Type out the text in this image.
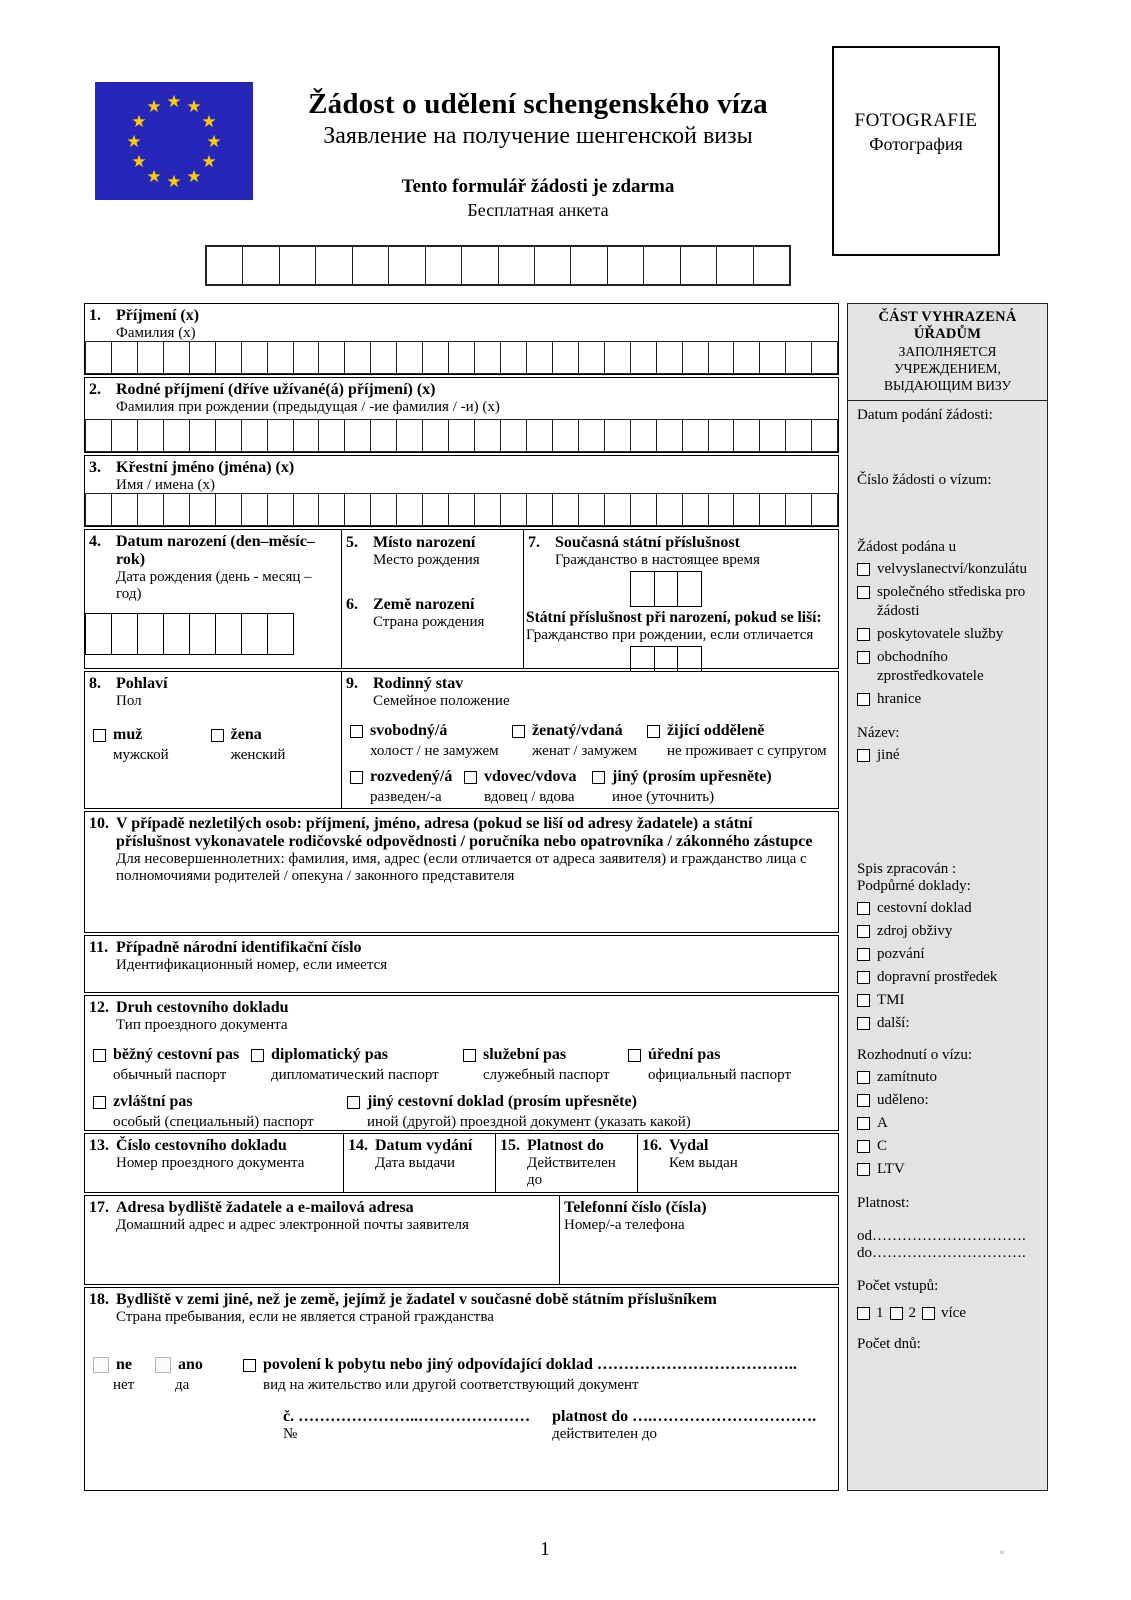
★ ★
★
★
★
★
★
★
★
★
★
★	Žádost o udělení schengenského víza
Заявление на получение шенгенской визы
Tento formulář žádosti je zdarma
Бесплатная анкета
FOTOGRAFIE
Фотография
1. Příjmení (x)
Фамилия (x)
2. Rodné příjmení (dříve užívané(á) příjmení) (x)
Фамилия при рождении (предыдущая / -ие фамилия / -и) (x)
3. Křestní jméno (jména) (x)
Имя / имена (x)
4. Datum narození (den–měsíc–rok)
Дата рождения (день - месяц – год)
5. Místo narození
Место рождения
6. Země narození
Страна рождения
7. Současná státní příslušnost
Гражданство в настоящее время
Státní příslušnost při narození, pokud se liší:
Гражданство при рождении, если отличается
8. Pohlaví
Пол
muž
мужской
žena
женский
9. Rodinný stav
Семейное положение
svobodný/á
холост / не замужем
ženatý/vdaná
женат / замужем
žijící odděleně
не проживает с супругом
rozvedený/á
разведен/-а
vdovec/vdova
вдовец / вдова
jiný (prosím upřesněte)
иное (уточнить)
10. V případě nezletilých osob: příjmení, jméno, adresa (pokud se liší od adresy žadatele) a státní příslušnost vykonavatele rodičovské odpovědnosti / poručníka nebo opatrovníka / zákonného zástupce
Для несовершеннолетних: фамилия, имя, адрес (если отличается от адреса заявителя) и гражданство лица с полномочиями родителей / опекуна / законного представителя
11. Případně národní identifikační číslo
Идентификационный номер, если имеется
12. Druh cestovního dokladu
Тип проездного документа
běžný cestovní pas
обычный паспорт
diplomatický pas
дипломатический паспорт
služební pas
служебный паспорт
úřední pas
официальный паспорт
zvláštní pas
особый (специальный) паспорт
jiný cestovní doklad (prosím upřesněte)
иной (другой) проездной документ (указать какой)
13. Číslo cestovního dokladu
Номер проездного документа
14. Datum vydání
Дата выдачи
15. Platnost do
Действителен до
16. Vydal
Кем выдан
17. Adresa bydliště žadatele a e-mailová adresa
Домашний адрес и адрес электронной почты заявителя
Telefonní číslo (čísla)
Номер/-а телефона
18. Bydliště v zemi jiné, než je země, jejímž je žadatel v současné době státním příslušníkem
Страна пребывания, если не является страной гражданства
ne
нет
ano
да
povolení k pobytu nebo jiný odpovídající doklad ………………………………..
вид на жительство или другой соответствующий документ
č. …………………..…………………
№
platnost do ….………………………….
действителен до
ČÁST VYHRAZENÁ ÚŘADŮM
ЗАПОЛНЯЕТСЯ
УЧРЕЖДЕНИЕМ,
ВЫДАЮЩИМ ВИЗУ
Datum podání žádosti:
Číslo žádosti o vízum:
Žádost podána u
velvyslanectví/konzulátu
společného střediska pro žádosti
poskytovatele služby
obchodního zprostředkovatele
hranice
Název:
jiné
Spis zpracován :
Podpůrné doklady:
cestovní doklad
zdroj obživy
pozvání
dopravní prostředek
TMI
další:
Rozhodnutí o vízu:
zamítnuto
uděleno:
A
C
LTV
Platnost:
od………………………….
do………………………….
Počet vstupů:
1 2 více
Počet dnů:
1	ıı
